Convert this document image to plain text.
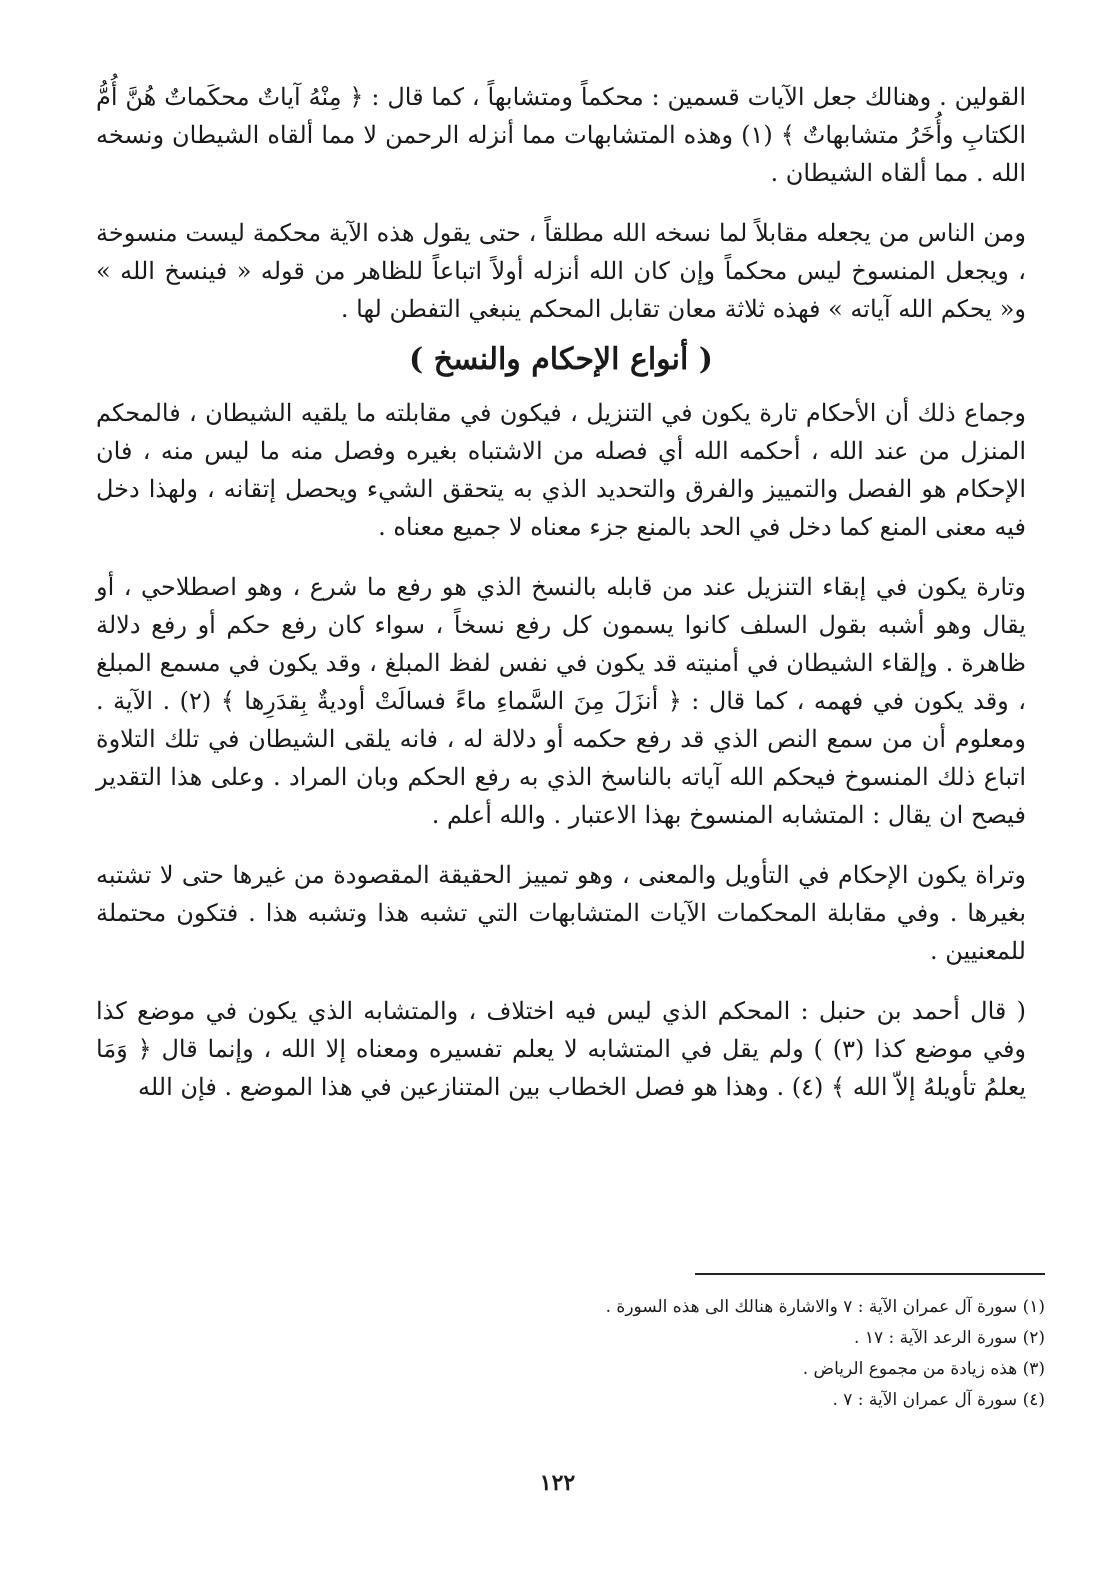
القولين . وهنالك جعل الآيات قسمين : محكماً ومتشابهاً ، كما قال : ﴿ مِنْهُ آياتٌ محكَماتٌ هُنَّ أُمُّ الكتابِ وأُخَرُ متشابهاتٌ ﴾ (١) وهذه المتشابهات مما أنزله الرحمن لا مما ألقاه الشيطان ونسخه الله . مما ألقاه الشيطان .

ومن الناس من يجعله مقابلاً لما نسخه الله مطلقاً ، حتى يقول هذه الآية محكمة ليست منسوخة ، ويجعل المنسوخ ليس محكماً وإن كان الله أنزله أولاً اتباعاً للظاهر من قوله « فينسخ الله » و« يحكم الله آياته » فهذه ثلاثة معان تقابل المحكم ينبغي التفطن لها .

( أنواع الإحكام والنسخ )

وجماع ذلك أن الأحكام تارة يكون في التنزيل ، فيكون في مقابلته ما يلقيه الشيطان ، فالمحكم المنزل من عند الله ، أحكمه الله أي فصله من الاشتباه بغيره وفصل منه ما ليس منه ، فان الإحكام هو الفصل والتمييز والفرق والتحديد الذي به يتحقق الشيء ويحصل إتقانه ، ولهذا دخل فيه معنى المنع كما دخل في الحد بالمنع جزء معناه لا جميع معناه .

وتارة يكون في إبقاء التنزيل عند من قابله بالنسخ الذي هو رفع ما شرع ، وهو اصطلاحي ، أو يقال وهو أشبه بقول السلف كانوا يسمون كل رفع نسخاً ، سواء كان رفع حكم أو رفع دلالة ظاهرة . وإلقاء الشيطان في أمنيته قد يكون في نفس لفظ المبلغ ، وقد يكون في مسمع المبلغ ، وقد يكون في فهمه ، كما قال : ﴿ أنزَلَ مِنَ السَّماءِ ماءً فسالَتْ أوديةٌ بِقدَرِها ﴾ (٢) . الآية . ومعلوم أن من سمع النص الذي قد رفع حكمه أو دلالة له ، فانه يلقى الشيطان في تلك التلاوة اتباع ذلك المنسوخ فيحكم الله آياته بالناسخ الذي به رفع الحكم وبان المراد . وعلى هذا التقدير فيصح ان يقال : المتشابه المنسوخ بهذا الاعتبار . والله أعلم .

وتراة يكون الإحكام في التأويل والمعنى ، وهو تمييز الحقيقة المقصودة من غيرها حتى لا تشتبه بغيرها . وفي مقابلة المحكمات الآيات المتشابهات التي تشبه هذا وتشبه هذا . فتكون محتملة للمعنيين .

( قال أحمد بن حنبل : المحكم الذي ليس فيه اختلاف ، والمتشابه الذي يكون في موضع كذا وفي موضع كذا (٣) ) ولم يقل في المتشابه لا يعلم تفسيره ومعناه إلا الله ، وإنما قال ﴿ وَمَا يعلمُ تأويلهُ إلاّ الله ﴾ (٤) . وهذا هو فصل الخطاب بين المتنازعين في هذا الموضع . فإن الله

(١) سورة آل عمران الآية : ٧ والاشارة هنالك الى هذه السورة .

(٢) سورة الرعد الآية : ١٧ .

(٣) هذه زيادة من مجموع الرياض .

(٤) سورة آل عمران الآية : ٧ .

١٢٢
